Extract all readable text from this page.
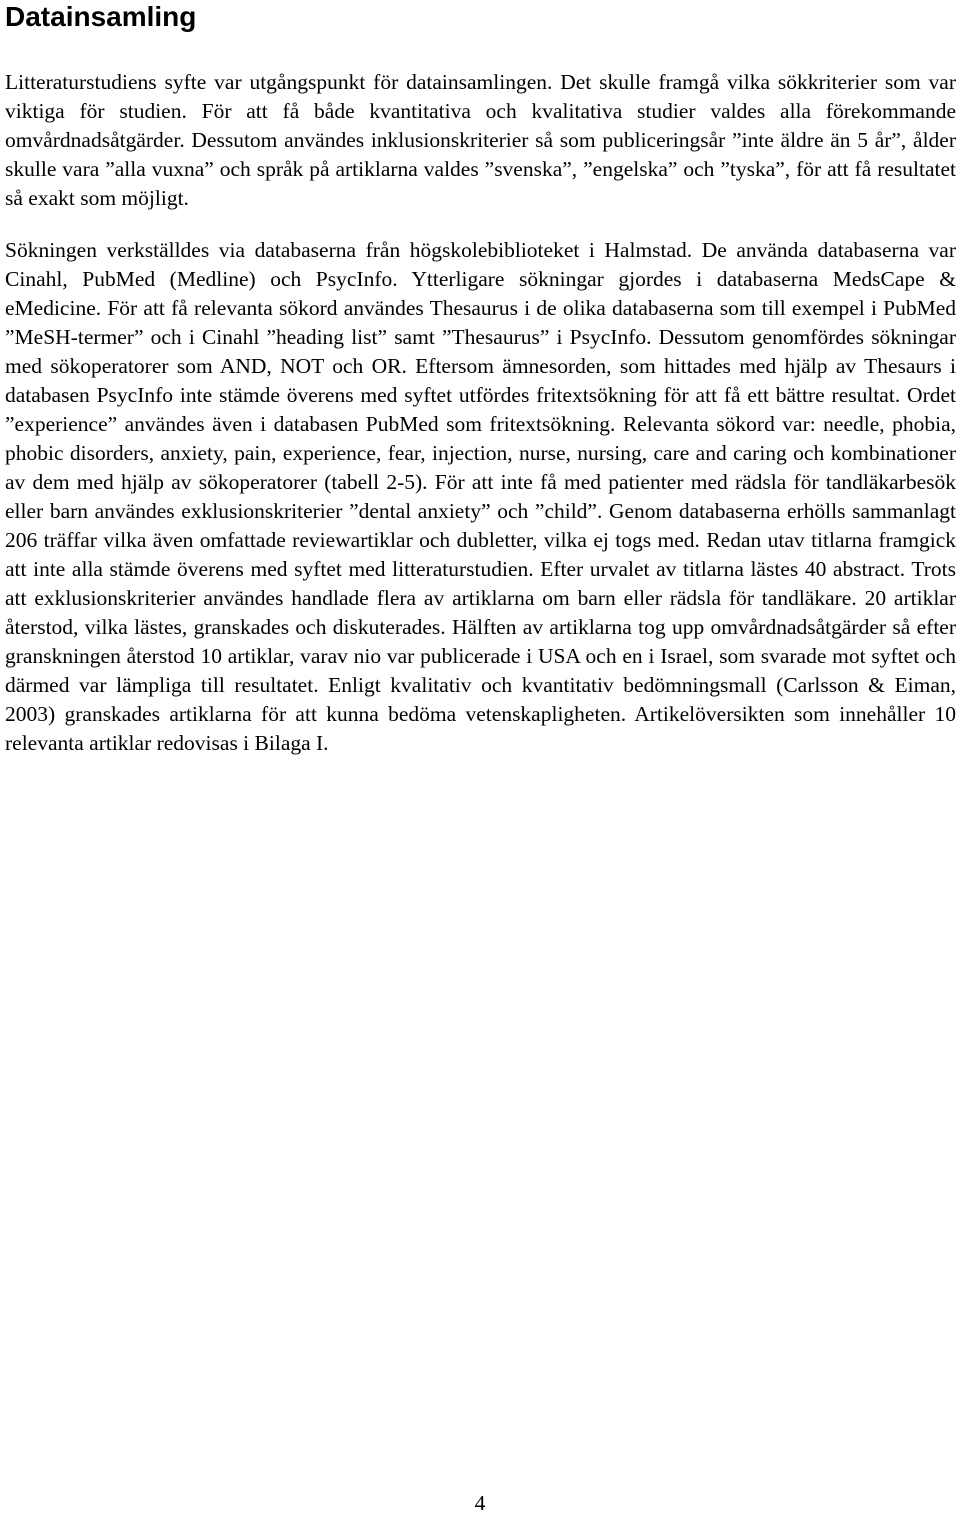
Datainsamling

Litteraturstudiens syfte var utgångspunkt för datainsamlingen. Det skulle framgå vilka sökkriterier som var viktiga för studien. För att få både kvantitativa och kvalitativa studier valdes alla förekommande omvårdnadsåtgärder. Dessutom användes inklusionskriterier så som publiceringsår ”inte äldre än 5 år”, ålder skulle vara ”alla vuxna” och språk på artiklarna valdes ”svenska”, ”engelska” och ”tyska”, för att få resultatet så exakt som möjligt.

Sökningen verkställdes via databaserna från högskolebiblioteket i Halmstad. De använda databaserna var Cinahl, PubMed (Medline) och PsycInfo. Ytterligare sökningar gjordes i databaserna MedsCape & eMedicine. För att få relevanta sökord användes Thesaurus i de olika databaserna som till exempel i PubMed ”MeSH-termer” och i Cinahl ”heading list” samt ”Thesaurus” i PsycInfo. Dessutom genomfördes sökningar med sökoperatorer som AND, NOT och OR. Eftersom ämnesorden, som hittades med hjälp av Thesaurs i databasen PsycInfo inte stämde överens med syftet utfördes fritextsökning för att få ett bättre resultat. Ordet ”experience” användes även i databasen PubMed som fritextsökning. Relevanta sökord var: needle, phobia, phobic disorders, anxiety, pain, experience, fear, injection, nurse, nursing, care and caring och kombinationer av dem med hjälp av sökoperatorer (tabell 2-5). För att inte få med patienter med rädsla för tandläkarbesök eller barn användes exklusionskriterier ”dental anxiety” och ”child”. Genom databaserna erhölls sammanlagt 206 träffar vilka även omfattade reviewartiklar och dubletter, vilka ej togs med. Redan utav titlarna framgick att inte alla stämde överens med syftet med litteraturstudien. Efter urvalet av titlarna lästes 40 abstract. Trots att exklusionskriterier användes handlade flera av artiklarna om barn eller rädsla för tandläkare. 20 artiklar återstod, vilka lästes, granskades och diskuterades. Hälften av artiklarna tog upp omvårdnadsåtgärder så efter granskningen återstod 10 artiklar, varav nio var publicerade i USA och en i Israel, som svarade mot syftet och därmed var lämpliga till resultatet. Enligt kvalitativ och kvantitativ bedömningsmall (Carlsson & Eiman, 2003) granskades artiklarna för att kunna bedöma vetenskapligheten. Artikelöversikten som innehåller 10 relevanta artiklar redovisas i Bilaga I.

4
